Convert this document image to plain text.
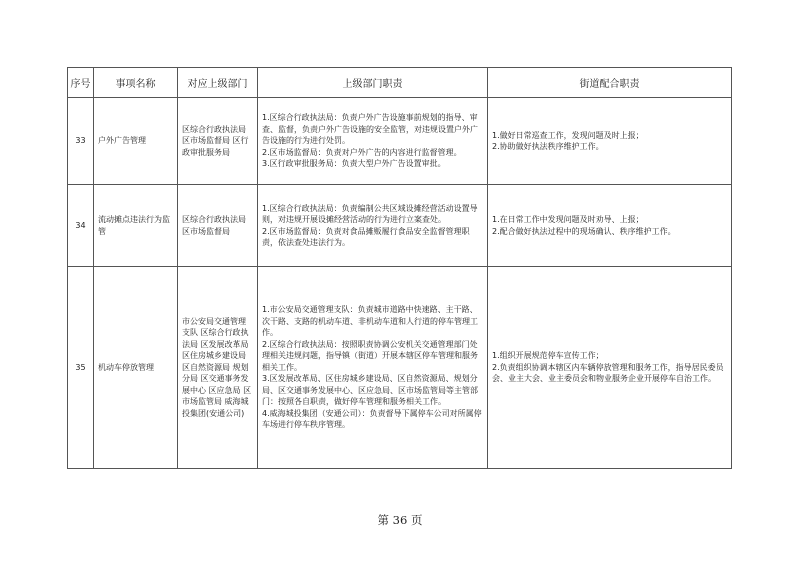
序号	事项名称	对应上级部门	上级部门职责	街道配合职责
33	户外广告管理	区综合行政执法局 区市场监督局 区行政审批服务局	1.区综合行政执法局：负责户外广告设施事前规划的指导、审查、监督，负责户外广告设施的安全监管，对违规设置户外广告设施的行为进行处罚。
2.区市场监督局：负责对户外广告的内容进行监督管理。
3.区行政审批服务局：负责大型户外广告设置审批。	1.做好日常巡查工作，发现问题及时上报；
2.协助做好执法秩序维护工作。

34	流动摊点违法行为监管	区综合行政执法局 区市场监督局	1.区综合行政执法局：负责编制公共区域设摊经营活动设置导则，对违规开展设摊经营活动的行为进行立案查处。
2.区市场监督局：负责对食品摊贩履行食品安全监督管理职责，依法查处违法行为。	1.在日常工作中发现问题及时劝导、上报；
2.配合做好执法过程中的现场确认、秩序维护工作。

35	机动车停放管理	市公安局交通管理支队 区综合行政执法局 区发展改革局 区住房城乡建设局 区自然资源局 规划分局 区交通事务发展中心 区应急局 区市场监管局 威海城投集团(安通公司)	1.市公安局交通管理支队：负责城市道路中快速路、主干路、次干路、支路的机动车道、非机动车道和人行道的停车管理工作。
2.区综合行政执法局：按照职责协调公安机关交通管理部门处理相关违规问题，指导镇（街道）开展本辖区停车管理和服务相关工作。
3.区发展改革局、区住房城乡建设局、区自然资源局、规划分局、区交通事务发展中心、区应急局、区市场监管局等主管部门：按照各自职责，做好停车管理和服务相关工作。
4.威海城投集团（安通公司）：负责督导下属停车公司对所属停车场进行停车秩序管理。	1.组织开展规范停车宣传工作；
2.负责组织协调本辖区内车辆停放管理和服务工作，指导居民委员会、业主大会、业主委员会和物业服务企业开展停车自治工作。
第 36 页
